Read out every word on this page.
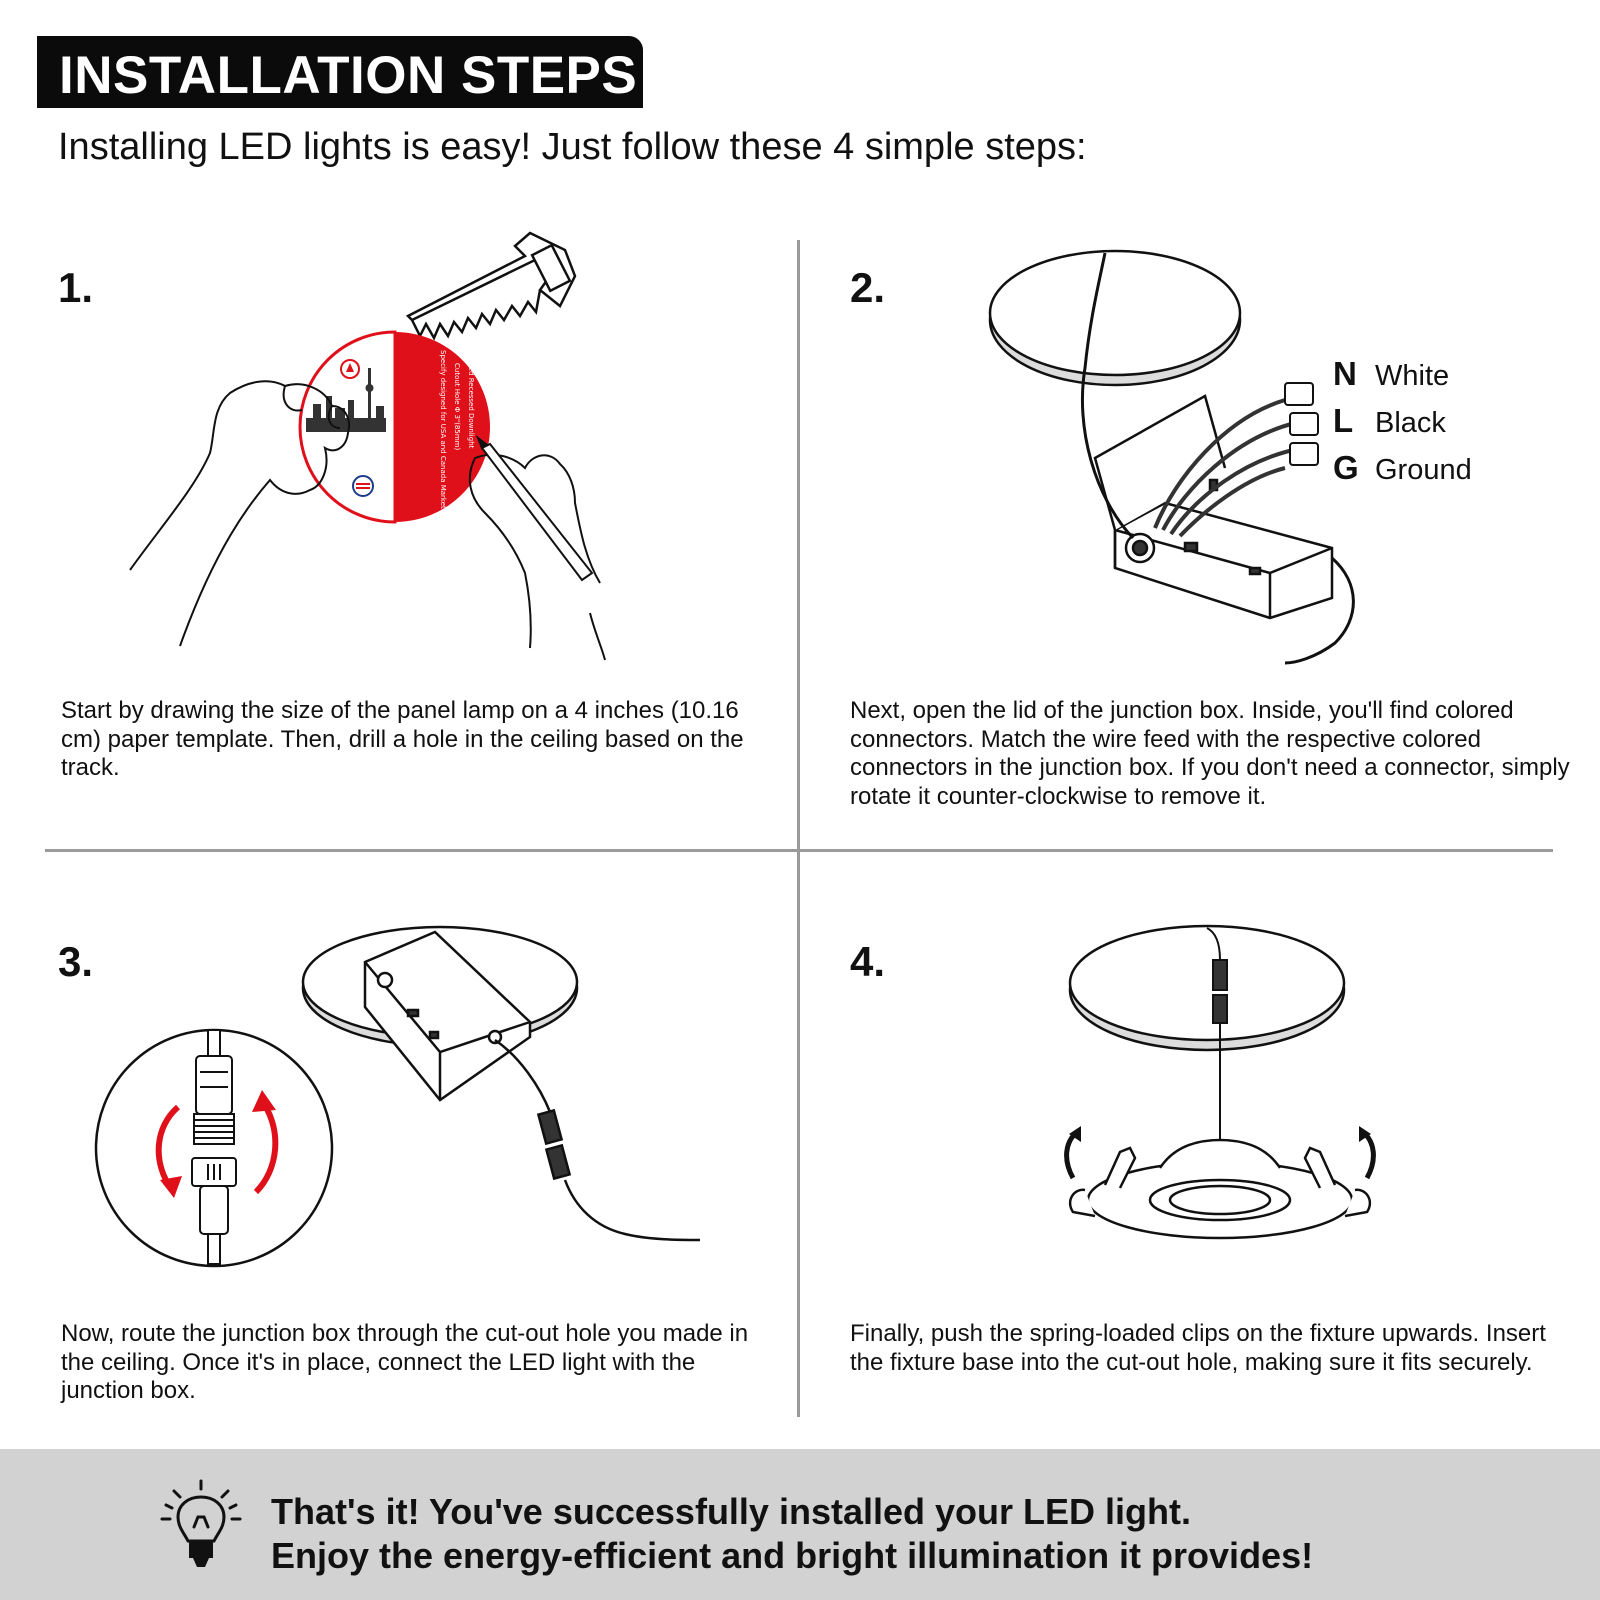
INSTALLATION STEPS
Installing LED lights is easy! Just follow these 4 simple steps:
1.
Led Recessed Downlight
Cutout Hole Φ 3"(85mm)
Specify designed for USA and Canada Market
Start by drawing the size of the panel lamp on a 4 inches (10.16 cm) paper template. Then, drill a hole in the ceiling based on the track.
2.
N White
L Black
G Ground
Next, open the lid of the junction box. Inside, you'll find colored connectors. Match the wire feed with the respective colored connectors in the junction box. If you don't need a connector, simply rotate it counter-clockwise to remove it.
3.
Now, route the junction box through the cut-out hole you made in the ceiling. Once it's in place, connect the LED light with the junction box.
4.
Finally, push the spring-loaded clips on the fixture upwards. Insert the fixture base into the cut-out hole, making sure it fits securely.
That's it! You've successfully installed your LED light.
Enjoy the energy-efficient and bright illumination it provides!
